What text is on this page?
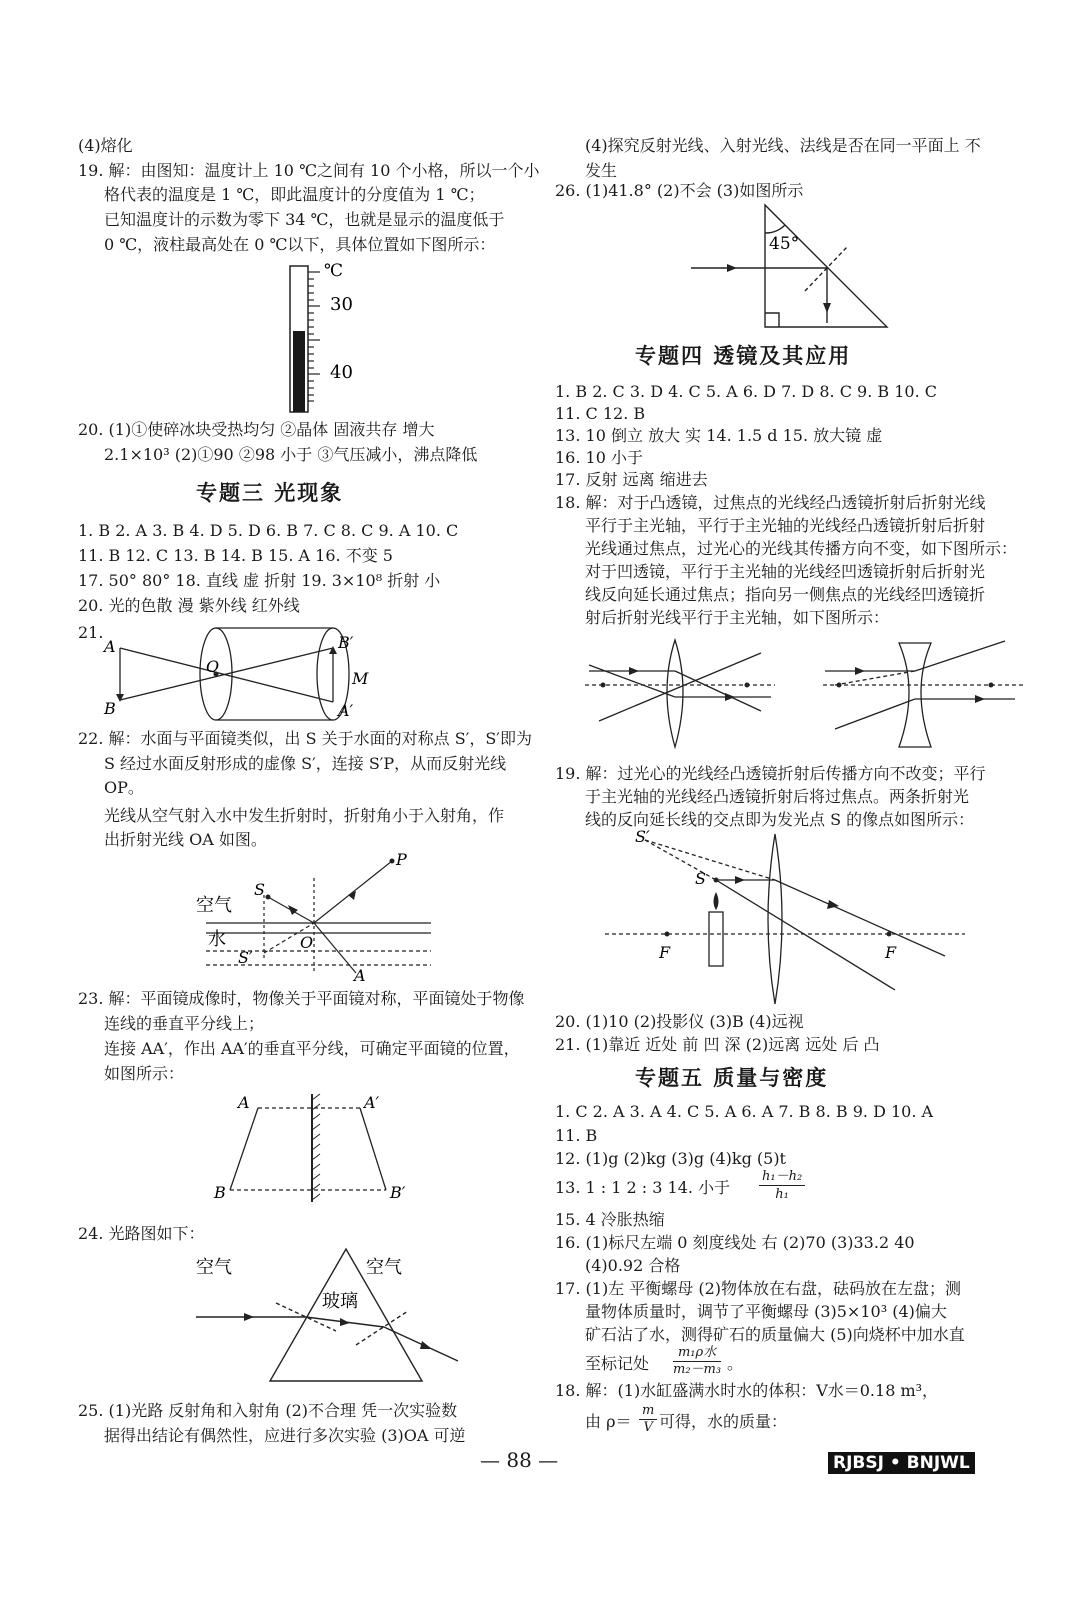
(4)熔化
19. 解：由图知：温度计上 10 ℃之间有 10 个小格，所以一个小
格代表的温度是 1 ℃，即此温度计的分度值为 1 ℃；
已知温度计的示数为零下 34 ℃，也就是显示的温度低于
0 ℃，液柱最高处在 0 ℃以下，具体位置如下图所示：
℃
30
40
20. (1)①使碎冰块受热均匀 ②晶体 固液共存 增大
2.1×10³ (2)①90 ②98 小于 ③气压减小，沸点降低
专题三 光现象
1. B 2. A 3. B 4. D 5. D 6. B 7. C 8. C 9. A 10. C
11. B 12. C 13. B 14. B 15. A 16. 不变 5
17. 50° 80° 18. 直线 虚 折射 19. 3×10⁸ 折射 小
20. 光的色散 漫 紫外线 红外线
21.
A
B
O
B′
M
A′
22. 解：水面与平面镜类似，出 S 关于水面的对称点 S′，S′即为
S 经过水面反射形成的虚像 S′，连接 S′P，从而反射光线
OP。
光线从空气射入水中发生折射时，折射角小于入射角，作
出折射光线 OA 如图。
P
S
空气
水	O
S′
A
23. 解：平面镜成像时，物像关于平面镜对称，平面镜处于物像
连线的垂直平分线上；
连接 AA′，作出 AA′的垂直平分线，可确定平面镜的位置，
如图所示：
A	A′
B	B′
24. 光路图如下：
空气	空气
玻璃
25. (1)光路 反射角和入射角 (2)不合理 凭一次实验数
据得出结论有偶然性，应进行多次实验 (3)OA 可逆
(4)探究反射光线、入射光线、法线是否在同一平面上 不
发生
26. (1)41.8° (2)不会 (3)如图所示
45°
专题四 透镜及其应用
1. B 2. C 3. D 4. C 5. A 6. D 7. D 8. C 9. B 10. C
11. C 12. B
13. 10 倒立 放大 实 14. 1.5 d 15. 放大镜 虚
16. 10 小于
17. 反射 远离 缩进去
18. 解：对于凸透镜，过焦点的光线经凸透镜折射后折射光线
平行于主光轴，平行于主光轴的光线经凸透镜折射后折射
光线通过焦点，过光心的光线其传播方向不变，如下图所示：
对于凹透镜，平行于主光轴的光线经凹透镜折射后折射光
线反向延长通过焦点；指向另一侧焦点的光线经凹透镜折
射后折射光线平行于主光轴，如下图所示：
19. 解：过光心的光线经凸透镜折射后传播方向不改变；平行
于主光轴的光线经凸透镜折射后将过焦点。两条折射光
线的反向延长线的交点即为发光点 S 的像点如图所示：
S′
S
F	F
20. (1)10 (2)投影仪 (3)B (4)远视
21. (1)靠近 近处 前 凹 深 (2)远离 远处 后 凸
专题五 质量与密度
1. C 2. A 3. A 4. C 5. A 6. A 7. B 8. B 9. D 10. A
11. B
12. (1)g (2)kg (3)g (4)kg (5)t
13. 1 : 1 2 : 3 14. 小于 $\frac{\text{h₁－h₂}}{\text{h₁}}$
15. 4 冷胀热缩
16. (1)标尺左端 0 刻度线处 右 (2)70 (3)33.2 40
(4)0.92 合格
17. (1)左 平衡螺母 (2)物体放在右盘，砝码放在左盘；测
量物体质量时，调节了平衡螺母 (3)5×10³ (4)偏大
矿石沾了水，测得矿石的质量偏大 (5)向烧杯中加水直
至标记处
m₁ρ水
m₂－m₃ 。
18. 解：(1)水缸盛满水时水的体积：V水＝0.18 m³，
由 $\rho= \frac{m}{V}$ 可得，水的质量：
— 88 —	RJBSJ • BNJWL
